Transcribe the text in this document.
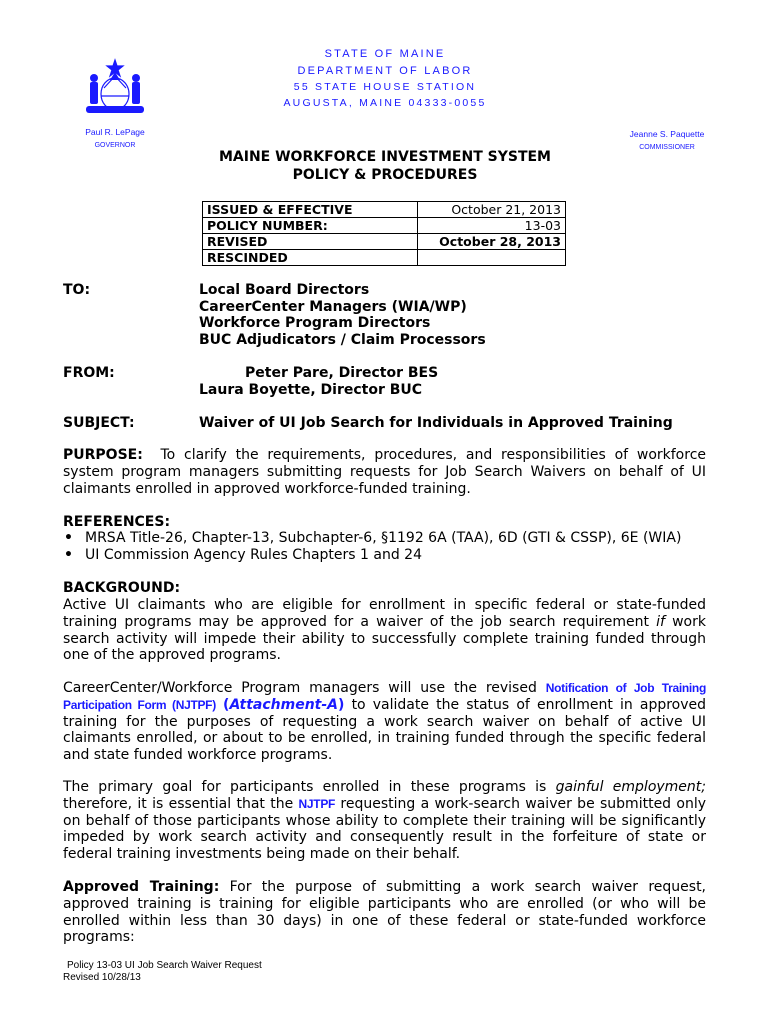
STATE OF MAINE
DEPARTMENT OF LABOR
55 STATE HOUSE STATION
AUGUSTA, MAINE 04333-0055
Paul R. LePage
GOVERNOR
Jeanne S. Paquette
COMMISSIONER
MAINE WORKFORCE INVESTMENT SYSTEM
POLICY & PROCEDURES
ISSUED & EFFECTIVE	October 21, 2013
POLICY NUMBER:	13-03
REVISED	October 28, 2013
RESCINDED	
TO:	Local Board Directors
CareerCenter Managers (WIA/WP)
Workforce Program Directors
BUC Adjudicators / Claim Processors
FROM:	Peter Pare, Director BES
Laura Boyette, Director BUC
SUBJECT:	Waiver of UI Job Search for Individuals in Approved Training
PURPOSE: To clarify the requirements, procedures, and responsibilities of workforce system program managers submitting requests for Job Search Waivers on behalf of UI claimants enrolled in approved workforce-funded training.
REFERENCES:
• MRSA Title-26, Chapter-13, Subchapter-6, §1192 6A (TAA), 6D (GTI & CSSP), 6E (WIA)
• UI Commission Agency Rules Chapters 1 and 24
BACKGROUND:
Active UI claimants who are eligible for enrollment in specific federal or state-funded training programs may be approved for a waiver of the job search requirement if work search activity will impede their ability to successfully complete training funded through one of the approved programs.
CareerCenter/Workforce Program managers will use the revised Notification of Job Training Participation Form (NJTPF) (Attachment-A) to validate the status of enrollment in approved training for the purposes of requesting a work search waiver on behalf of active UI claimants enrolled, or about to be enrolled, in training funded through the specific federal and state funded workforce programs.
The primary goal for participants enrolled in these programs is gainful employment; therefore, it is essential that the NJTPF requesting a work-search waiver be submitted only on behalf of those participants whose ability to complete their training will be significantly impeded by work search activity and consequently result in the forfeiture of state or federal training investments being made on their behalf.
Approved Training: For the purpose of submitting a work search waiver request, approved training is training for eligible participants who are enrolled (or who will be enrolled within less than 30 days) in one of these federal or state-funded workforce programs:
Policy 13-03 UI Job Search Waiver Request
Revised 10/28/13
